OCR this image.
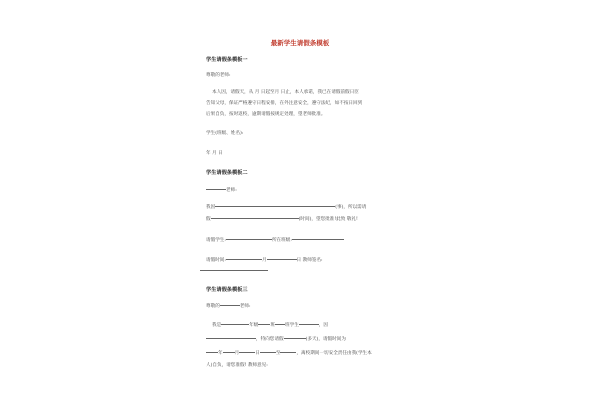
最新学生请假条模板
学生请假条模板一
尊敬的老师:
本人因，请假天，从 月 日起至月 日止，本人承诺，我已在请假前假日臣
告知父母，保证严格遵守日程安排，在外注意安全，遵守法纪，如不按日回到
后果自负，按时返校，逾期请假按规定处理，望老师批准。
学生(班级、姓名):
年 月 日
学生请假条模板二
老师:
我因	(事)，所以需请
假	(时间)，望您批准!此致 敬礼!
请假学生:	所在班级:
请假时间:	月	日 教师签名:
学生请假条模板三
尊敬的	老师:
我是	年级	班 班学生	，因
，特向您请假	(多天)，请假时间为
年	月	日	至	，离校期间一切安全责任由我(学生本
人)自负，请您准假! 教师意见:
